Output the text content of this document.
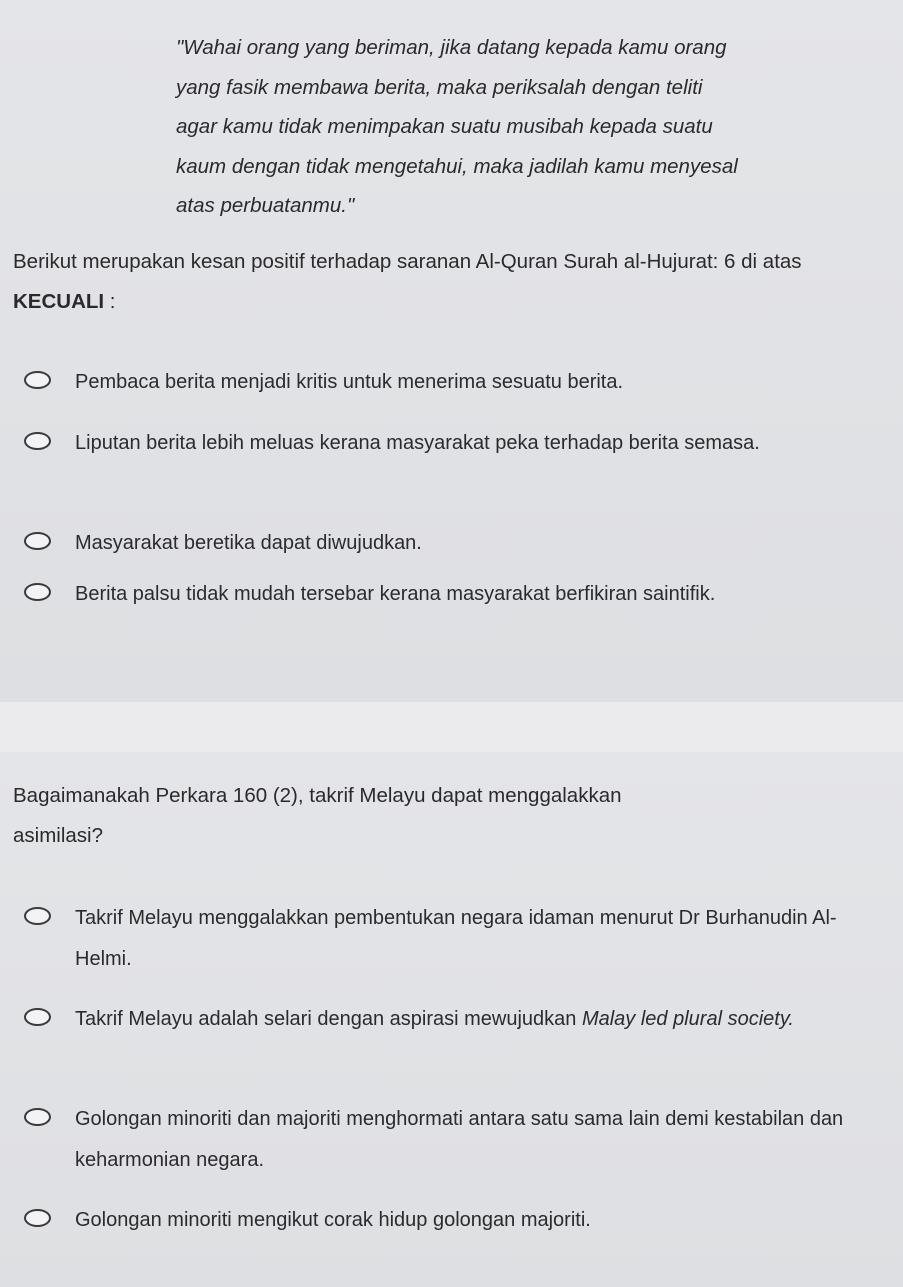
"Wahai orang yang beriman, jika datang kepada kamu orang
yang fasik membawa berita, maka periksalah dengan teliti
agar kamu tidak menimpakan suatu musibah kepada suatu
kaum dengan tidak mengetahui, maka jadilah kamu menyesal
atas perbuatanmu."
Berikut merupakan kesan positif terhadap saranan Al-Quran Surah al-Hujurat: 6 di atas KECUALI :
Pembaca berita menjadi kritis untuk menerima sesuatu berita.
Liputan berita lebih meluas kerana masyarakat peka terhadap berita semasa.
Masyarakat beretika dapat diwujudkan.
Berita palsu tidak mudah tersebar kerana masyarakat berfikiran saintifik.
Bagaimanakah Perkara 160 (2), takrif Melayu dapat menggalakkan asimilasi?
Takrif Melayu menggalakkan pembentukan negara idaman menurut Dr Burhanudin Al-Helmi.
Takrif Melayu adalah selari dengan aspirasi mewujudkan Malay led plural society.
Golongan minoriti dan majoriti menghormati antara satu sama lain demi kestabilan dan keharmonian negara.
Golongan minoriti mengikut corak hidup golongan majoriti.
